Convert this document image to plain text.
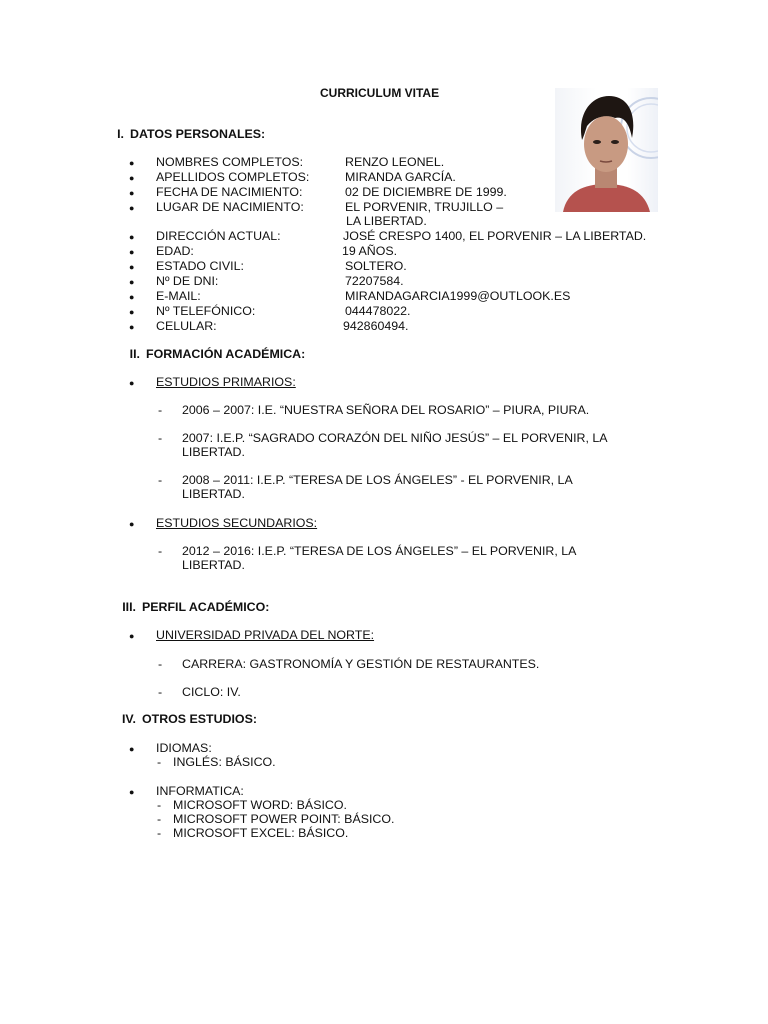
CURRICULUM VITAE
I. DATOS PERSONALES:
● NOMBRES COMPLETOS:	RENZO LEONEL.
● APELLIDOS COMPLETOS:	MIRANDA GARCÍA.
● FECHA DE NACIMIENTO:	02 DE DICIEMBRE DE 1999.
● LUGAR DE NACIMIENTO:	EL PORVENIR, TRUJILLO –
LA LIBERTAD.
● DIRECCIÓN ACTUAL:	JOSÉ CRESPO 1400, EL PORVENIR – LA LIBERTAD.
● EDAD:	19 AÑOS.
● ESTADO CIVIL:	SOLTERO.
● Nº DE DNI:	72207584.
● E-MAIL:	MIRANDAGARCIA1999@OUTLOOK.ES
● Nº TELEFÓNICO:	044478022.
● CELULAR:	942860494.
II. FORMACIÓN ACADÉMICA:
● ESTUDIOS PRIMARIOS:
- 2006 – 2007: I.E. “NUESTRA SEÑORA DEL ROSARIO” – PIURA, PIURA.
- 2007: I.E.P. “SAGRADO CORAZÓN DEL NIÑO JESÚS” – EL PORVENIR, LA
LIBERTAD.
- 2008 – 2011: I.E.P. “TERESA DE LOS ÁNGELES” - EL PORVENIR, LA
LIBERTAD.
● ESTUDIOS SECUNDARIOS:
- 2012 – 2016: I.E.P. “TERESA DE LOS ÁNGELES” – EL PORVENIR, LA
LIBERTAD.
III. PERFIL ACADÉMICO:
● UNIVERSIDAD PRIVADA DEL NORTE:
- CARRERA: GASTRONOMÍA Y GESTIÓN DE RESTAURANTES.
- CICLO: IV.
IV. OTROS ESTUDIOS:
● IDIOMAS:
- INGLÉS: BÁSICO.
● INFORMATICA:
- MICROSOFT WORD: BÁSICO.
- MICROSOFT POWER POINT: BÁSICO.
- MICROSOFT EXCEL: BÁSICO.
